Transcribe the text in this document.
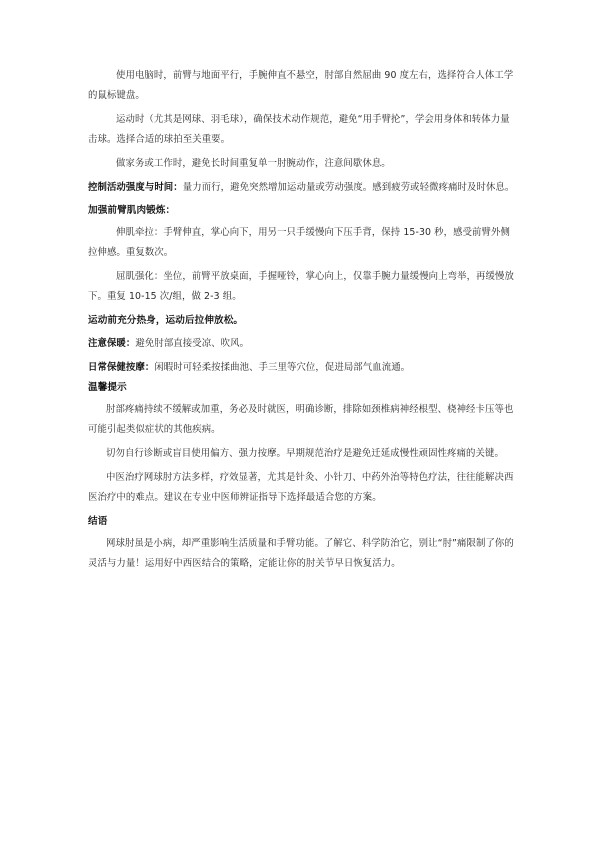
使用电脑时，前臂与地面平行，手腕伸直不悬空，肘部自然屈曲 90 度左右，选择符合人体工学的鼠标键盘。

运动时（尤其是网球、羽毛球），确保技术动作规范，避免“用手臂抡”，学会用身体和转体力量击球。选择合适的球拍至关重要。

做家务或工作时，避免长时间重复单一肘腕动作，注意间歇休息。

控制活动强度与时间：量力而行，避免突然增加运动量或劳动强度。感到疲劳或轻微疼痛时及时休息。

加强前臂肌肉锻炼：

伸肌牵拉：手臂伸直，掌心向下，用另一只手缓慢向下压手背，保持 15-30 秒，感受前臂外侧拉伸感。重复数次。

屈肌强化：坐位，前臂平放桌面，手握哑铃，掌心向上，仅靠手腕力量缓慢向上弯举，再缓慢放下。重复 10-15 次/组，做 2-3 组。

运动前充分热身，运动后拉伸放松。

注意保暖：避免肘部直接受凉、吹风。

日常保健按摩：闲暇时可轻柔按揉曲池、手三里等穴位，促进局部气血流通。

温馨提示

肘部疼痛持续不缓解或加重，务必及时就医，明确诊断，排除如颈椎病神经根型、桡神经卡压等也可能引起类似症状的其他疾病。

切勿自行诊断或盲目使用偏方、强力按摩。早期规范治疗是避免迁延成慢性顽固性疼痛的关键。

中医治疗网球肘方法多样，疗效显著，尤其是针灸、小针刀、中药外治等特色疗法，往往能解决西医治疗中的难点。建议在专业中医师辨证指导下选择最适合您的方案。

结语

网球肘虽是小病，却严重影响生活质量和手臂功能。了解它、科学防治它，别让“肘”痛限制了你的灵活与力量！运用好中西医结合的策略，定能让你的肘关节早日恢复活力。
